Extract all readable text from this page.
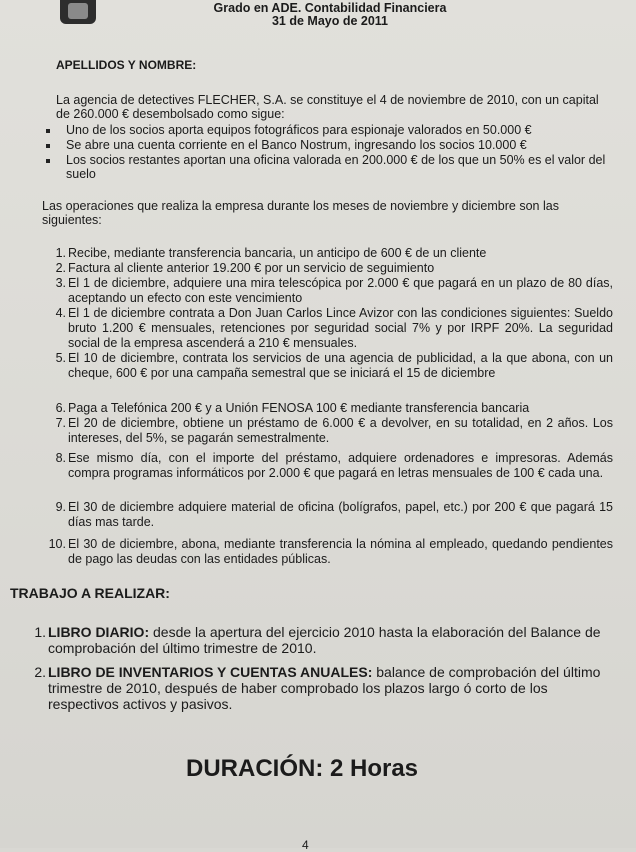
Grado en ADE. Contabilidad Financiera
31 de Mayo de 2011
APELLIDOS Y NOMBRE:
La agencia de detectives FLECHER, S.A. se constituye el 4 de noviembre de 2010, con un capital de 260.000 € desembolsado como sigue:
Uno de los socios aporta equipos fotográficos para espionaje valorados en 50.000 €
Se abre una cuenta corriente en el Banco Nostrum, ingresando los socios 10.000 €
Los socios restantes aportan una oficina valorada en 200.000 € de los que un 50% es el valor del suelo
Las operaciones que realiza la empresa durante los meses de noviembre y diciembre son las siguientes:
1. Recibe, mediante transferencia bancaria, un anticipo de 600 € de un cliente
2. Factura al cliente anterior 19.200 € por un servicio de seguimiento
3. El 1 de diciembre, adquiere una mira telescópica por 2.000 € que pagará en un plazo de 80 días, aceptando un efecto con este vencimiento
4. El 1 de diciembre contrata a Don Juan Carlos Lince Avizor con las condiciones siguientes: Sueldo bruto 1.200 € mensuales, retenciones por seguridad social 7% y por IRPF 20%. La seguridad social de la empresa ascenderá a 210 € mensuales.
5. El 10 de diciembre, contrata los servicios de una agencia de publicidad, a la que abona, con un cheque, 600 € por una campaña semestral que se iniciará el 15 de diciembre
6. Paga a Telefónica 200 € y a Unión FENOSA 100 € mediante transferencia bancaria
7. El 20 de diciembre, obtiene un préstamo de 6.000 € a devolver, en su totalidad, en 2 años. Los intereses, del 5%, se pagarán semestralmente.
8. Ese mismo día, con el importe del préstamo, adquiere ordenadores e impresoras. Además compra programas informáticos por 2.000 € que pagará en letras mensuales de 100 € cada una.
9. El 30 de diciembre adquiere material de oficina (bolígrafos, papel, etc.) por 200 € que pagará 15 días mas tarde.
10. El 30 de diciembre, abona, mediante transferencia la nómina al empleado, quedando pendientes de pago las deudas con las entidades públicas.
TRABAJO A REALIZAR:
1. LIBRO DIARIO: desde la apertura del ejercicio 2010 hasta la elaboración del Balance de comprobación del último trimestre de 2010.
2. LIBRO DE INVENTARIOS Y CUENTAS ANUALES: balance de comprobación del último trimestre de 2010, después de haber comprobado los plazos largo ó corto de los respectivos activos y pasivos.
DURACIÓN: 2 Horas
4
